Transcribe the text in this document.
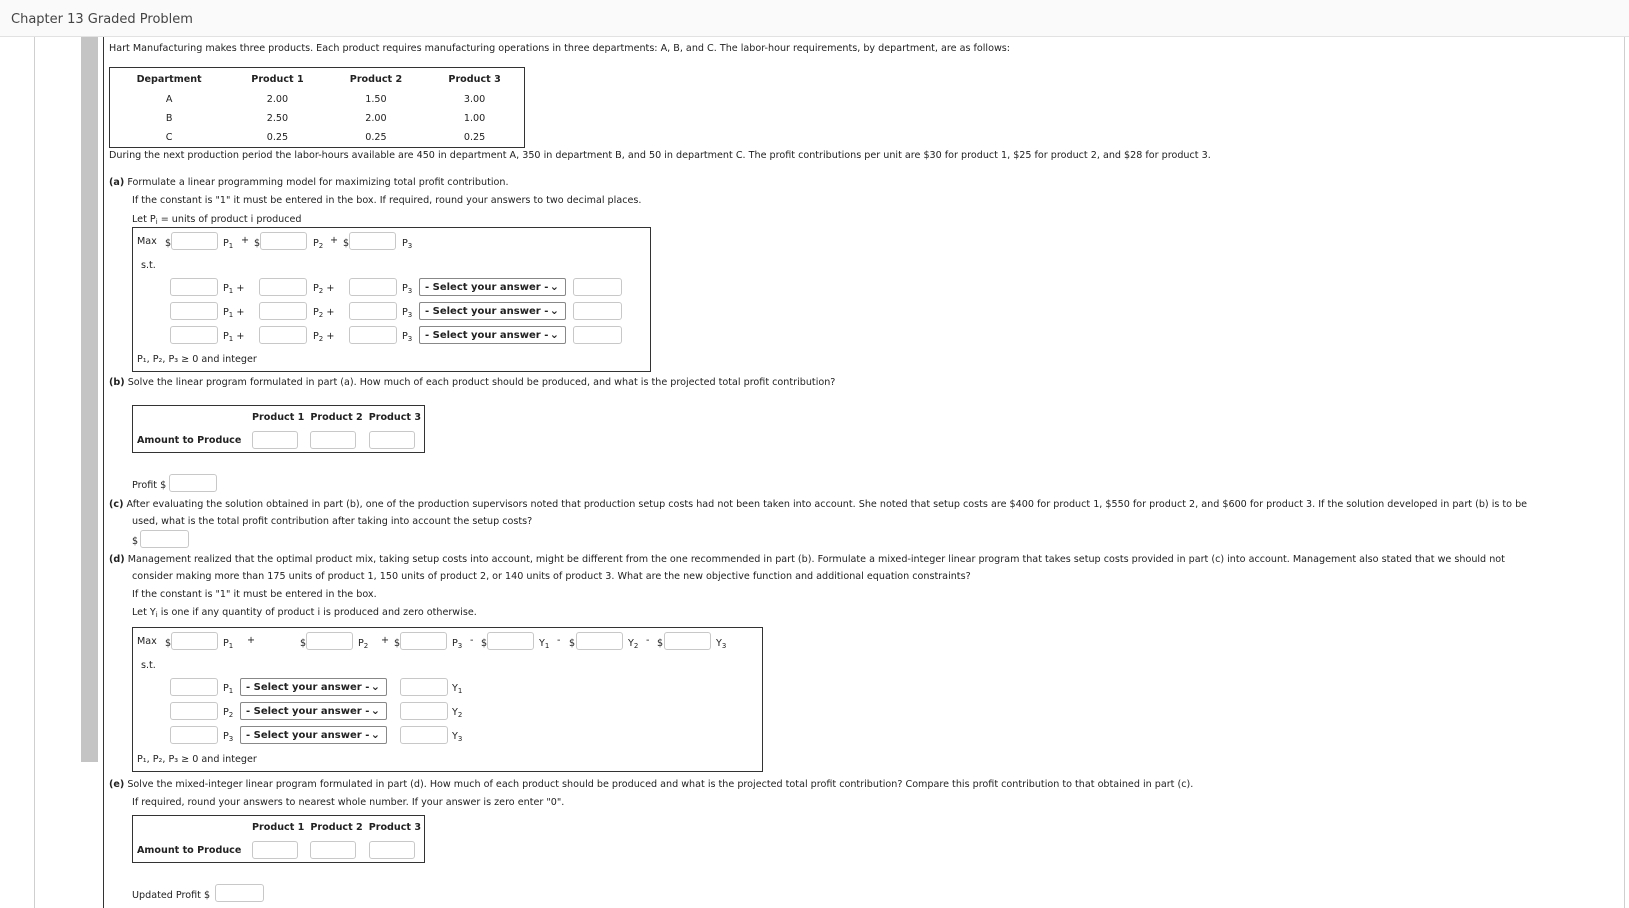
Chapter 13 Graded Problem
Hart Manufacturing makes three products. Each product requires manufacturing operations in three departments: A, B, and C. The labor-hour requirements, by department, are as follows:
Department	Product 1	Product 2	Product 3
A	2.00	1.50	3.00
B	2.50	2.00	1.00
C	0.25	0.25	0.25
During the next production period the labor-hours available are 450 in department A, 350 in department B, and 50 in department C. The profit contributions per unit are $30 for product 1, $25 for product 2, and $28 for product 3.
(a) Formulate a linear programming model for maximizing total profit contribution.
If the constant is "1" it must be entered in the box. If required, round your answers to two decimal places.
Let $P_i$ = units of product i produced
Max $	$P_1$ + $	$P_2$ + $	$P_3$
s.t.
$P_1$ +	$P_2$ +	$P_3$	- Select your answer - ⌄
$P_1$ +	$P_2$ +	$P_3$	- Select your answer - ⌄
$P_1$ +	$P_2$ +	$P_3$	- Select your answer - ⌄
P₁, P₂, P₃ ≥ 0 and integer
(b) Solve the linear program formulated in part (a). How much of each product should be produced, and what is the projected total profit contribution?
	Product 1	Product 2	Product 3
Amount to Produce	

Profit $
(c) After evaluating the solution obtained in part (b), one of the production supervisors noted that production setup costs had not been taken into account. She noted that setup costs are $400 for product 1, $550 for product 2, and $600 for product 3. If the solution developed in part (b) is to be
used, what is the total profit contribution after taking into account the setup costs?
$
(d) Management realized that the optimal product mix, taking setup costs into account, might be different from the one recommended in part (b). Formulate a mixed-integer linear program that takes setup costs provided in part (c) into account. Management also stated that we should not
consider making more than 175 units of product 1, 150 units of product 2, or 140 units of product 3. What are the new objective function and additional equation constraints?
If the constant is "1" it must be entered in the box.
Let $Y_i$ is one if any quantity of product i is produced and zero otherwise.
Max $	$P_1$ +	$	$P_2$ + $	$P_3$ - $	$Y_1$ - $	$Y_2$ - $	$Y_3$
s.t.
$P_1$	- Select your answer - ⌄	$Y_1$
$P_2$	- Select your answer - ⌄	$Y_2$
$P_3$	- Select your answer - ⌄	$Y_3$
P₁, P₂, P₃ ≥ 0 and integer
(e) Solve the mixed-integer linear program formulated in part (d). How much of each product should be produced and what is the projected total profit contribution? Compare this profit contribution to that obtained in part (c).
If required, round your answers to nearest whole number. If your answer is zero enter "0".
	Product 1	Product 2	Product 3
Amount to Produce	

Updated Profit $
